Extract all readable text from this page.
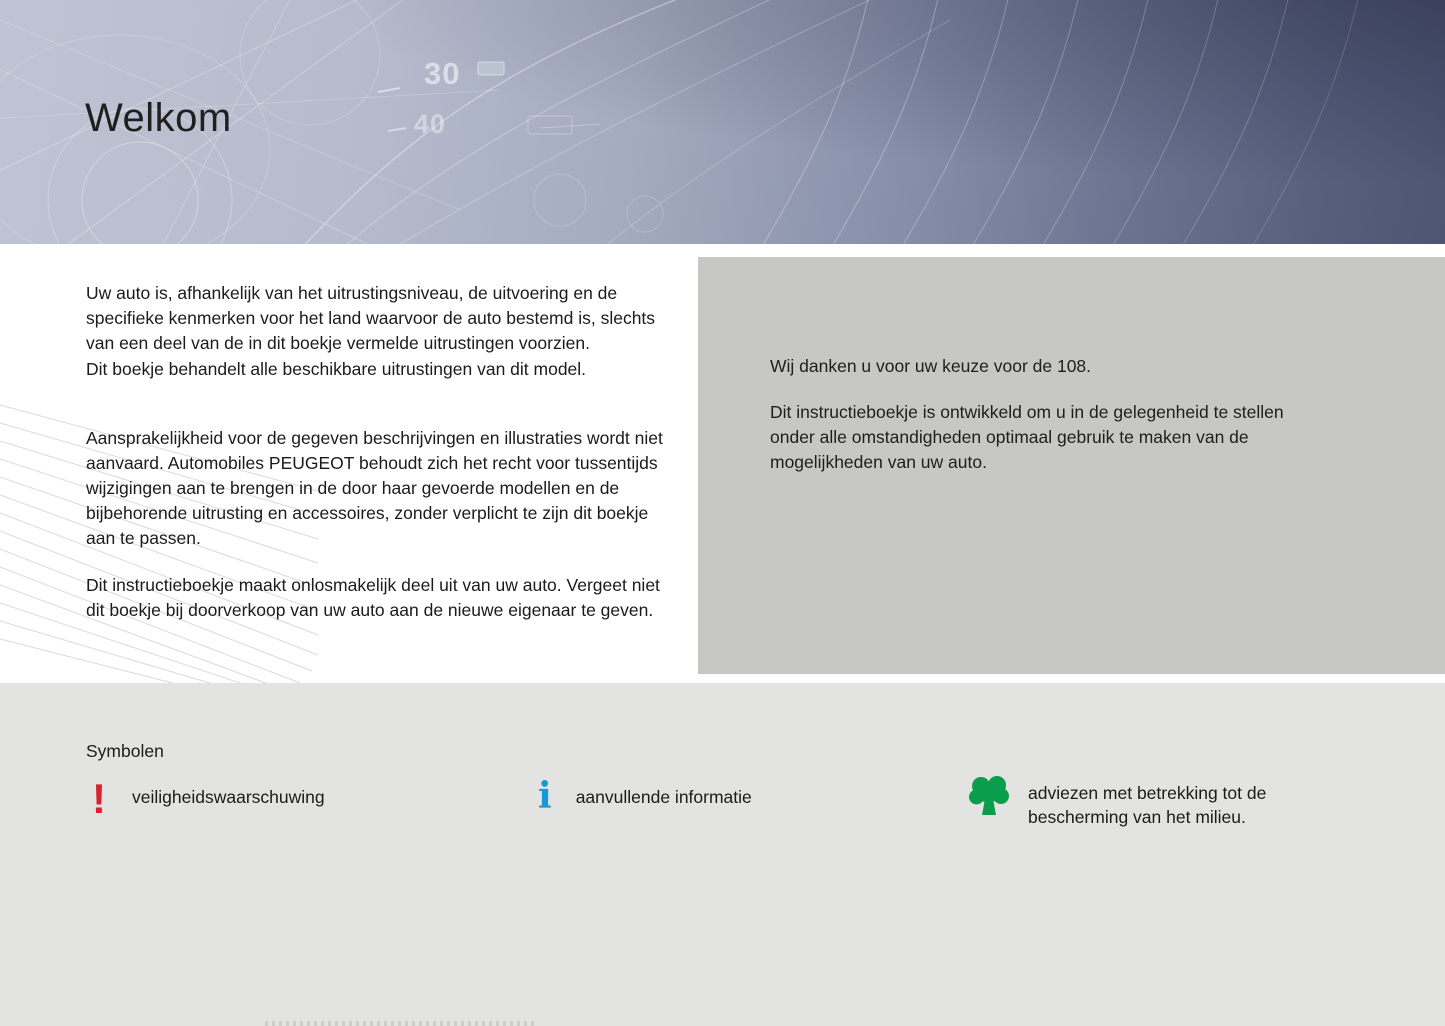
30
40
Welkom

Uw auto is, afhankelijk van het uitrustingsniveau, de uitvoering en de specifieke kenmerken voor het land waarvoor de auto bestemd is, slechts van een deel van de in dit boekje vermelde uitrustingen voorzien.

Dit boekje behandelt alle beschikbare uitrustingen van dit model.

Aansprakelijkheid voor de gegeven beschrijvingen en illustraties wordt niet aanvaard. Automobiles PEUGEOT behoudt zich het recht voor tussentijds wijzigingen aan te brengen in de door haar gevoerde modellen en de bijbehorende uitrusting en accessoires, zonder verplicht te zijn dit boekje aan te passen.

Dit instructieboekje maakt onlosmakelijk deel uit van uw auto. Vergeet niet dit boekje bij doorverkoop van uw auto aan de nieuwe eigenaar te geven.

Wij danken u voor uw keuze voor de 108.

Dit instructieboekje is ontwikkeld om u in de gelegenheid te stellen onder alle omstandigheden optimaal gebruik te maken van de mogelijkheden van uw auto.

Symbolen
! veiligheidswaarschuwing	i aanvullende informatie	adviezen met betrekking tot de bescherming van het milieu.
